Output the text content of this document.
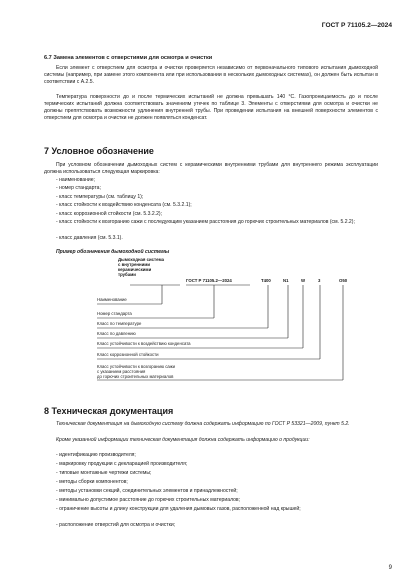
ГОСТ Р 71105.2—2024
6.7 Замена элементов с отверстиями для осмотра и очистки
Если элемент с отверстием для осмотра и очистки проверяется независимо от первоначального типового испытания дымоходной системы (например, при замене этого компонента или при использовании в нескольких дымоходных системах), он должен быть испытан в соответствии с А.2.5.
Температура поверхности до и после термических испытаний не должна превышать 140 °С. Газопроницаемость до и после термических испытаний должна соответствовать значениям утечек по таблице 3. Элементы с отверстиями для осмотра и очистки не должны препятствовать возможности удлинения внутренней трубы. При проведении испытания на внешней поверхности элементов с отверстием для осмотра и очистки не должен появляться конденсат.
7 Условное обозначение
При условном обозначении дымоходных систем с керамическими внутренними трубами для внутреннего режима эксплуатации должна использоваться следующая маркировка:
- наименование;
- номер стандарта;
- класс температуры (см. таблицу 1);
- класс стойкости к воздействию конденсата (см. 5.3.2.1);
- класс коррозионной стойкости (см. 5.3.2.2);
- класс стойкости к возгоранию сажи с последующим указанием расстояния до горючих строительных материалов (см. 5.2.2);
- класс давления (см. 5.3.1).
Пример обозначения дымоходной системы
Дымоходная система
с внутренними
керамическими
трубами
ГОСТ Р 71105.2—2024	Т400	N1	W	3	O50
Наименование
Номер стандарта
Класс по температуре
Класс по давлению
Класс устойчивости к воздействию конденсата
Класс коррозионной стойкости
Класс устойчивости к возгоранию сажи
с указанием расстояния
до горючих строительных материалов
8 Техническая документация
Техническая документация на дымоходную систему должна содержать информацию по ГОСТ Р 53321—2009, пункт 5.2.
Кроме указанной информации техническая документация должна содержать информацию о продукции:
- идентификацию производителя;
- маркировку продукции с декларацией производителя;
- типовые монтажные чертежи системы;
- методы сборки компонентов;
- методы установки секций, соединительных элементов и принадлежностей;
- минимально допустимое расстояние до горючих строительных материалов;
- ограничение высоты и длину конструкции для удаления дымовых газов, расположенной над крышей;
- расположение отверстий для осмотра и очистки;
9
